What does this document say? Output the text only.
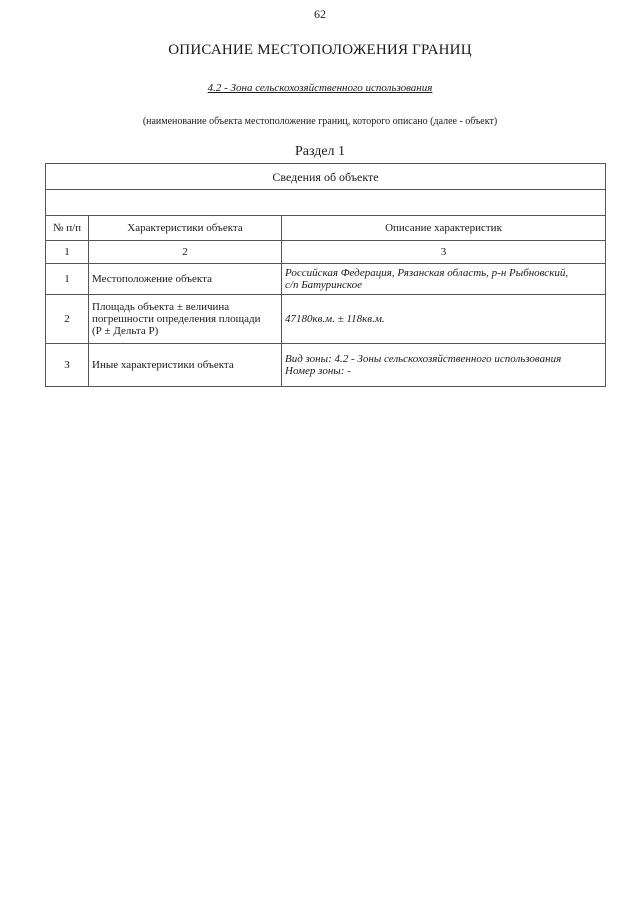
62
ОПИСАНИЕ МЕСТОПОЛОЖЕНИЯ ГРАНИЦ
4.2 - Зона сельскохозяйственного использования
(наименование объекта местоположение границ, которого описано (далее - объект)
Раздел 1
Сведения об объекте		

№ п/п	Характеристики объекта	Описание характеристик
1	2	3
1	Местоположение объекта	Российская Федерация, Рязанская область, р-н Рыбновский,
с/п Батуринское

2	Площадь объекта ± величина
погрешности определения площади
(Р ± Дельта Р)	47180кв.м. ± 118кв.м.
3	Иные характеристики объекта	Вид зоны: 4.2 - Зоны сельскохозяйственного использования
Номер зоны: -
